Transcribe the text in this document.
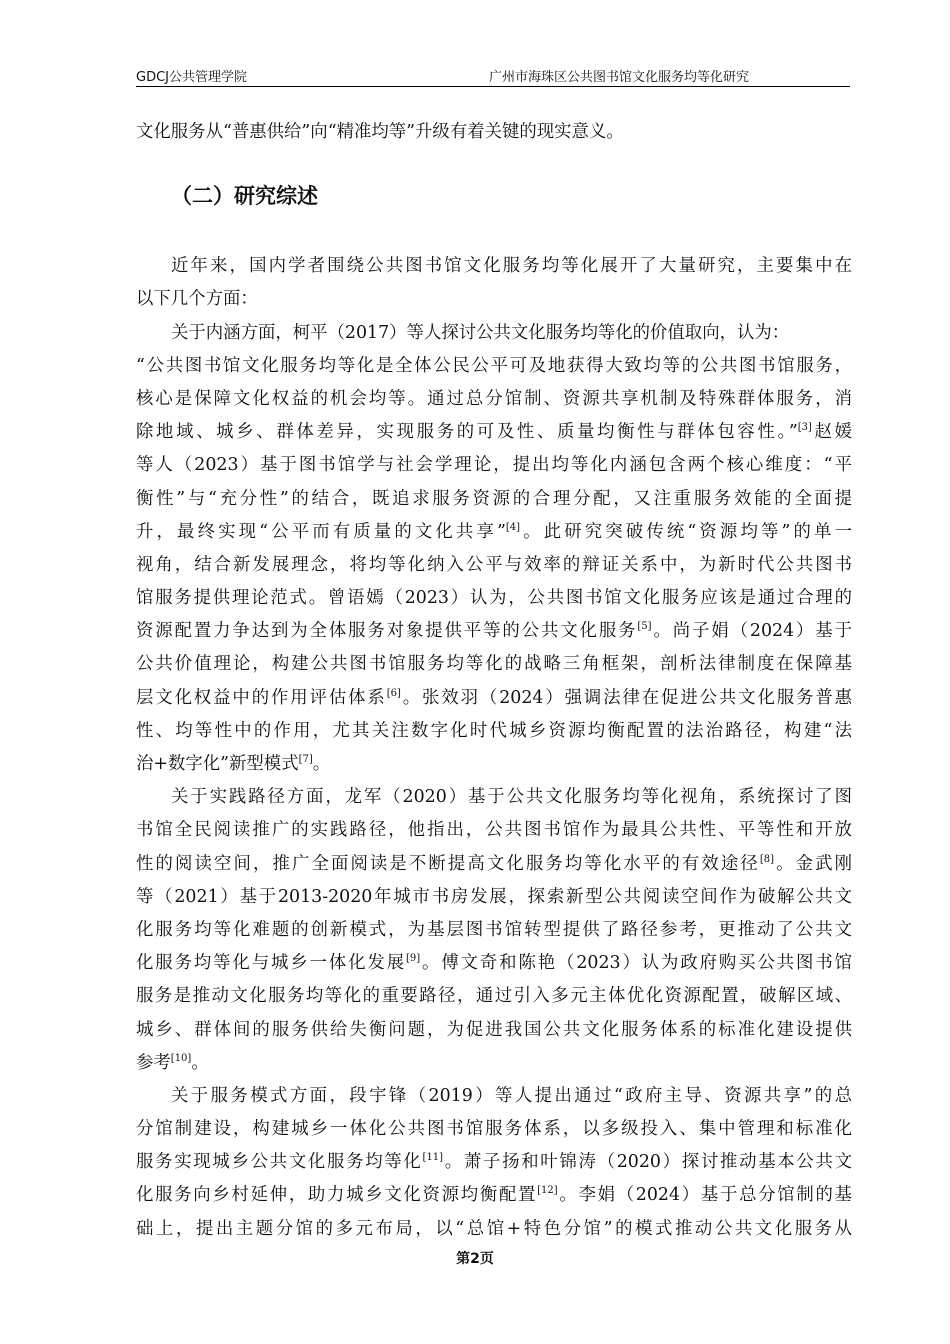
GDCJ公共管理学院	广州市海珠区公共图书馆文化服务均等化研究
（二）研究综述
文化服务从“普惠供给”向“精准均等”升级有着关键的现实意义。
近年来，国内学者围绕公共图书馆文化服务均等化展开了大量研究，主要集中在
以下几个方面：
关于内涵方面，柯平（2017）等人探讨公共文化服务均等化的价值取向，认为：
“公共图书馆文化服务均等化是全体公民公平可及地获得大致均等的公共图书馆服务，
核心是保障文化权益的机会均等。通过总分馆制、资源共享机制及特殊群体服务，消
除地域、城乡、群体差异，实现服务的可及性、质量均衡性与群体包容性。”[3]赵媛
等人（2023）基于图书馆学与社会学理论，提出均等化内涵包含两个核心维度：“平
衡性”与“充分性”的结合，既追求服务资源的合理分配，又注重服务效能的全面提
升，最终实现“公平而有质量的文化共享”[4]。此研究突破传统“资源均等”的单一
视角，结合新发展理念，将均等化纳入公平与效率的辩证关系中，为新时代公共图书
馆服务提供理论范式。曾语嫣（2023）认为，公共图书馆文化服务应该是通过合理的
资源配置力争达到为全体服务对象提供平等的公共文化服务[5]。尚子娟（2024）基于
公共价值理论，构建公共图书馆服务均等化的战略三角框架，剖析法律制度在保障基
层文化权益中的作用评估体系[6]。张效羽（2024）强调法律在促进公共文化服务普惠
性、均等性中的作用，尤其关注数字化时代城乡资源均衡配置的法治路径，构建“法
治+数字化”新型模式[7]。
关于实践路径方面，龙军（2020）基于公共文化服务均等化视角，系统探讨了图
书馆全民阅读推广的实践路径，他指出，公共图书馆作为最具公共性、平等性和开放
性的阅读空间，推广全面阅读是不断提高文化服务均等化水平的有效途径[8]。金武刚
等（2021）基于2013-2020年城市书房发展，探索新型公共阅读空间作为破解公共文
化服务均等化难题的创新模式，为基层图书馆转型提供了路径参考，更推动了公共文
化服务均等化与城乡一体化发展[9]。傅文奇和陈艳（2023）认为政府购买公共图书馆
服务是推动文化服务均等化的重要路径，通过引入多元主体优化资源配置，破解区域、
城乡、群体间的服务供给失衡问题，为促进我国公共文化服务体系的标准化建设提供
参考[10]。
关于服务模式方面，段宇锋（2019）等人提出通过“政府主导、资源共享”的总
分馆制建设，构建城乡一体化公共图书馆服务体系，以多级投入、集中管理和标准化
服务实现城乡公共文化服务均等化[11]。萧子扬和叶锦涛（2020）探讨推动基本公共文
化服务向乡村延伸，助力城乡文化资源均衡配置[12]。李娟（2024）基于总分馆制的基
础上，提出主题分馆的多元布局，以“总馆+特色分馆”的模式推动公共文化服务从
第2页
